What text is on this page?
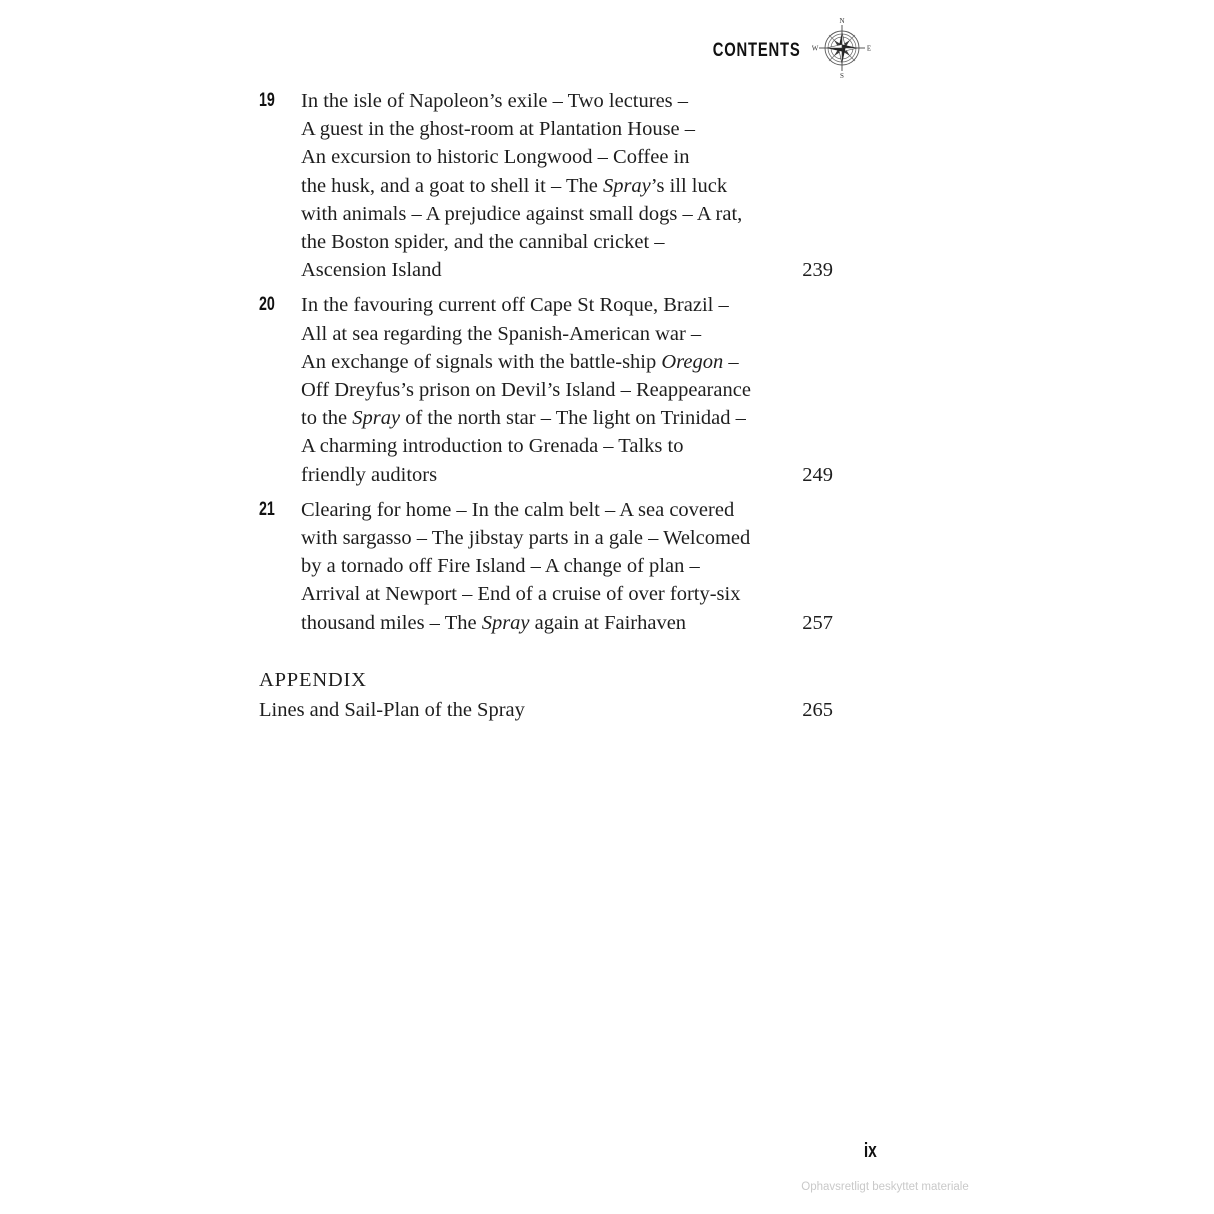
CONTENTS
N
S
E
W
19	In the isle of Napoleon’s exile – Two lectures –
A guest in the ghost-room at Plantation House –
An excursion to historic Longwood – Coffee in
the husk, and a goat to shell it – The Spray’s ill luck
with animals – A prejudice against small dogs – A rat,
the Boston spider, and the cannibal cricket –
Ascension Island	239
20	In the favouring current off Cape St Roque, Brazil –
All at sea regarding the Spanish-American war –
An exchange of signals with the battle-ship Oregon –
Off Dreyfus’s prison on Devil’s Island – Reappearance
to the Spray of the north star – The light on Trinidad –
A charming introduction to Grenada – Talks to
friendly auditors	249
21	Clearing for home – In the calm belt – A sea covered
with sargasso – The jibstay parts in a gale – Welcomed
by a tornado off Fire Island – A change of plan –
Arrival at Newport – End of a cruise of over forty-six
thousand miles – The Spray again at Fairhaven	257
APPENDIX
Lines and Sail-Plan of the Spray	265
ix
Ophavsretligt beskyttet materiale
